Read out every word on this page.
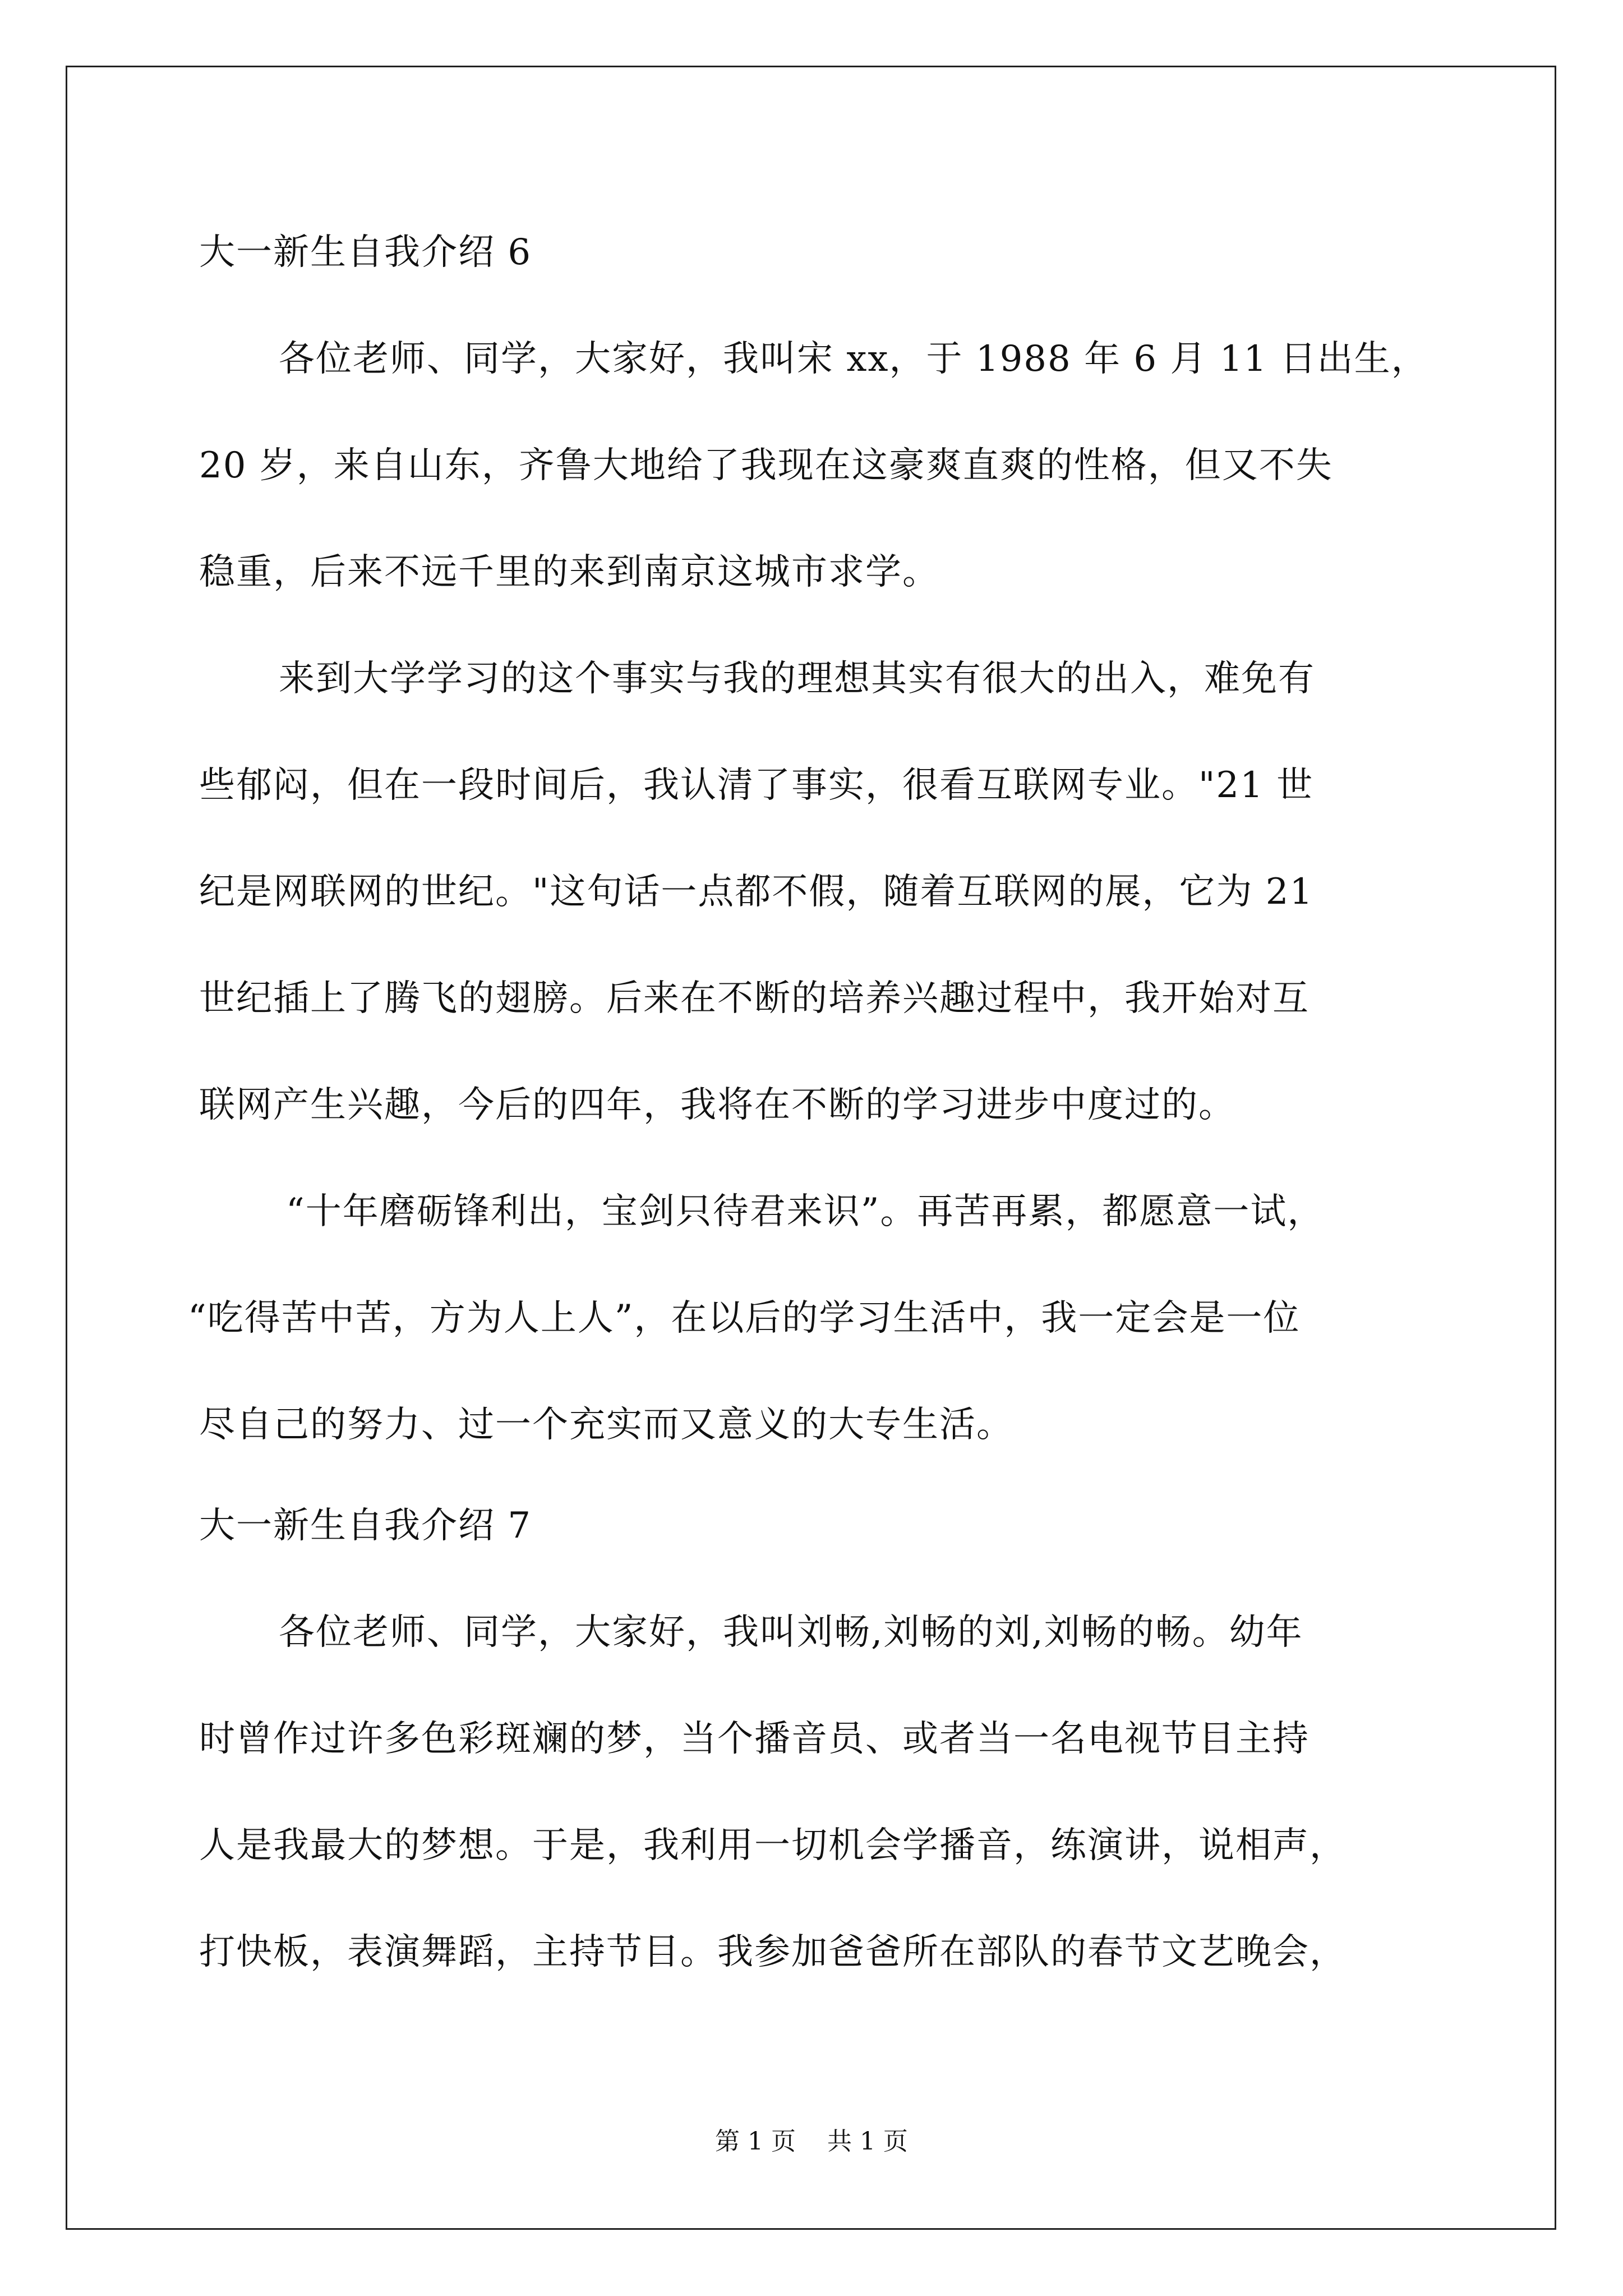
大一新生自我介绍 6
各位老师、同学，大家好，我叫宋 xx，于 1988 年 6 月 11 日出生，
20 岁，来自山东，齐鲁大地给了我现在这豪爽直爽的性格，但又不失
稳重，后来不远千里的来到南京这城市求学。
来到大学学习的这个事实与我的理想其实有很大的出入，难免有
些郁闷，但在一段时间后，我认清了事实，很看互联网专业。"21 世
纪是网联网的世纪。"这句话一点都不假，随着互联网的展，它为 21
世纪插上了腾飞的翅膀。后来在不断的培养兴趣过程中，我开始对互
联网产生兴趣，今后的四年，我将在不断的学习进步中度过的。
“十年磨砺锋利出，宝剑只待君来识”。再苦再累，都愿意一试，
“吃得苦中苦，方为人上人”，在以后的学习生活中，我一定会是一位
尽自己的努力、过一个充实而又意义的大专生活。
大一新生自我介绍 7
各位老师、同学，大家好，我叫刘畅,刘畅的刘,刘畅的畅。幼年
时曾作过许多色彩斑斓的梦，当个播音员、或者当一名电视节目主持
人是我最大的梦想。于是，我利用一切机会学播音，练演讲，说相声，
打快板，表演舞蹈，主持节目。我参加爸爸所在部队的春节文艺晚会，
第 1 页    共 1 页
